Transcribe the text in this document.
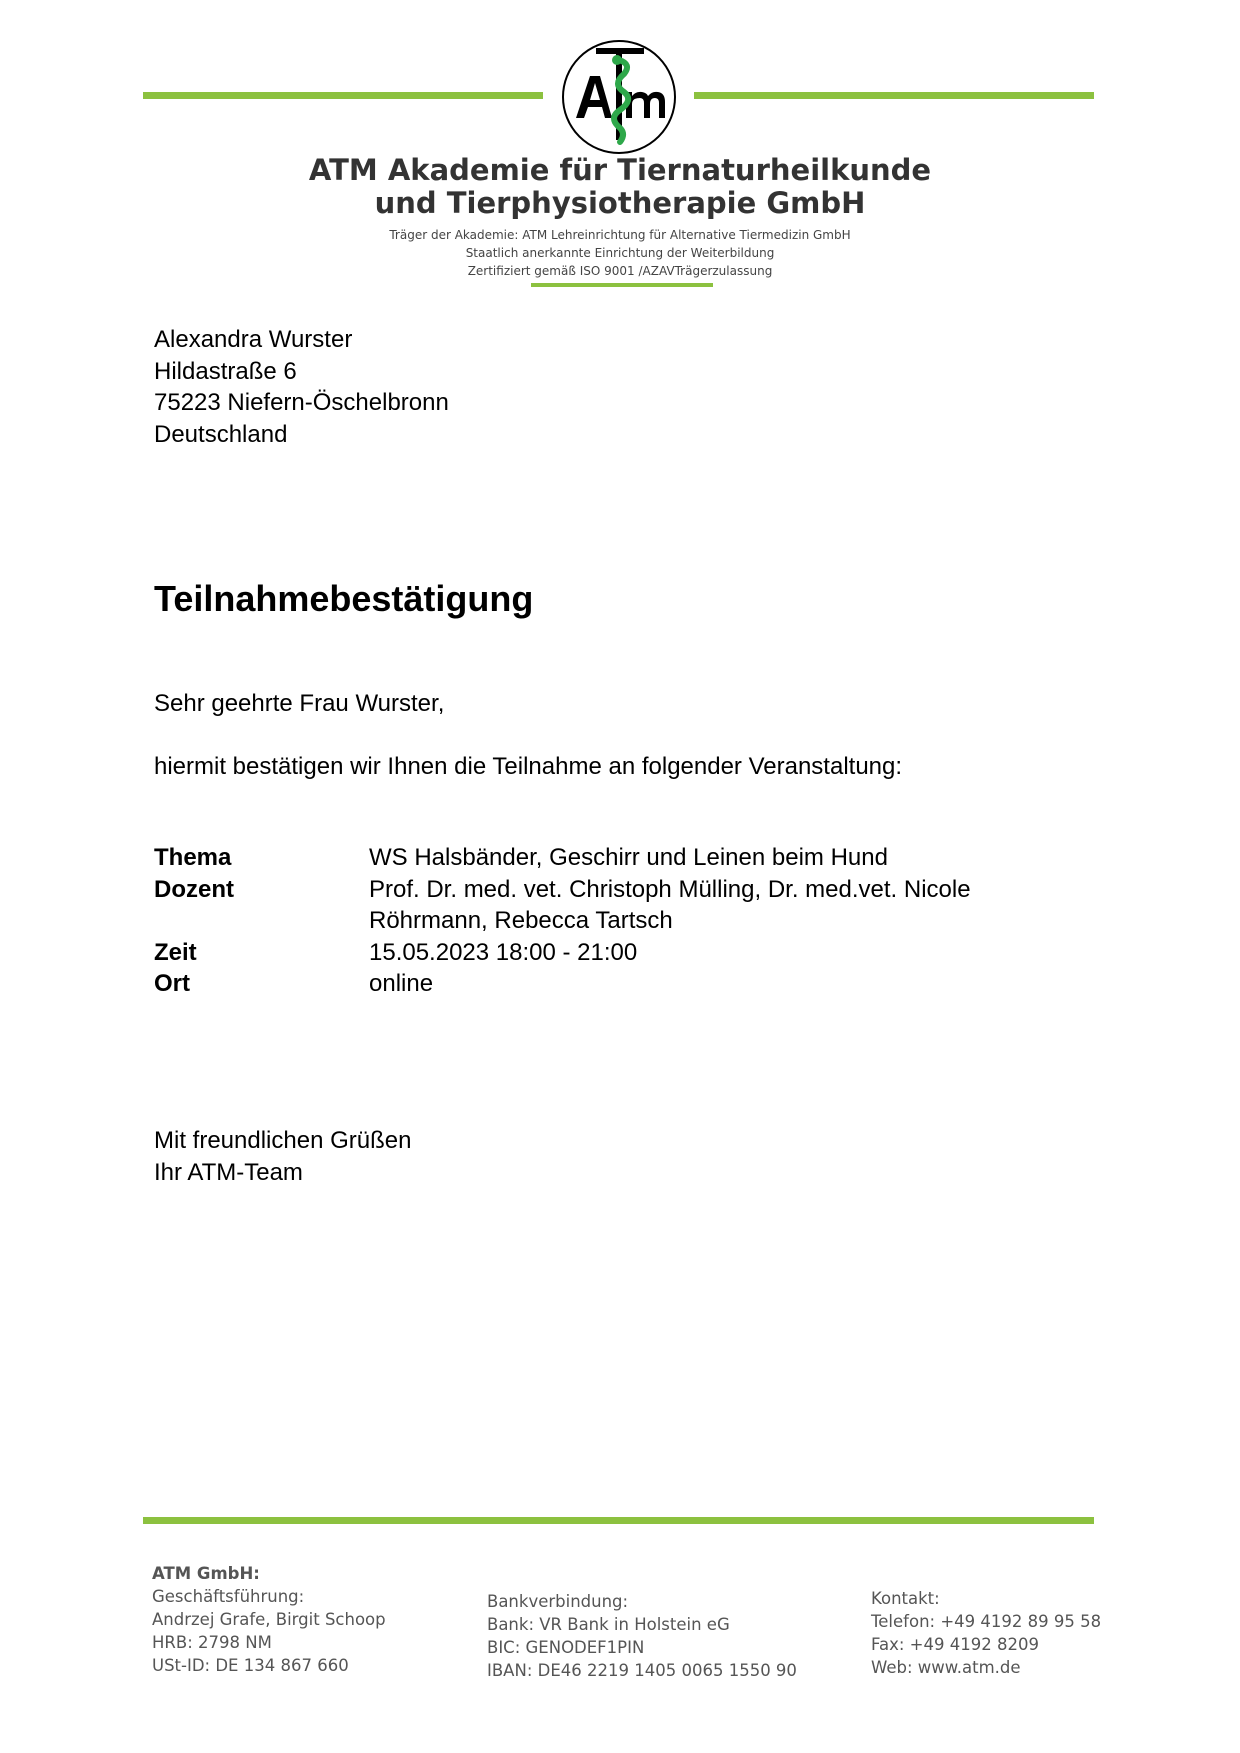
ATM Akademie für Tiernaturheilkunde
und Tierphysiotherapie GmbH
Träger der Akademie: ATM Lehreinrichtung für Alternative Tiermedizin GmbH
Staatlich anerkannte Einrichtung der Weiterbildung
Zertifiziert gemäß ISO 9001 /AZAVTrägerzulassung
Alexandra Wurster
Hildastraße 6
75223 Niefern-Öschelbronn
Deutschland
Teilnahmebestätigung
Sehr geehrte Frau Wurster,
hiermit bestätigen wir Ihnen die Teilnahme an folgender Veranstaltung:
Thema	WS Halsbänder, Geschirr und Leinen beim Hund
Dozent	Prof. Dr. med. vet. Christoph Mülling, Dr. med.vet. Nicole Röhrmann, Rebecca Tartsch
Zeit	15.05.2023 18:00 - 21:00
Ort	online
Mit freundlichen Grüßen
Ihr ATM-Team
ATM GmbH:
Geschäftsführung:
Andrzej Grafe, Birgit Schoop
HRB: 2798 NM
USt-ID: DE 134 867 660
Bankverbindung:
Bank: VR Bank in Holstein eG
BIC: GENODEF1PIN
IBAN: DE46 2219 1405 0065 1550 90
Kontakt:
Telefon: +49 4192 89 95 58
Fax: +49 4192 8209
Web: www.atm.de
